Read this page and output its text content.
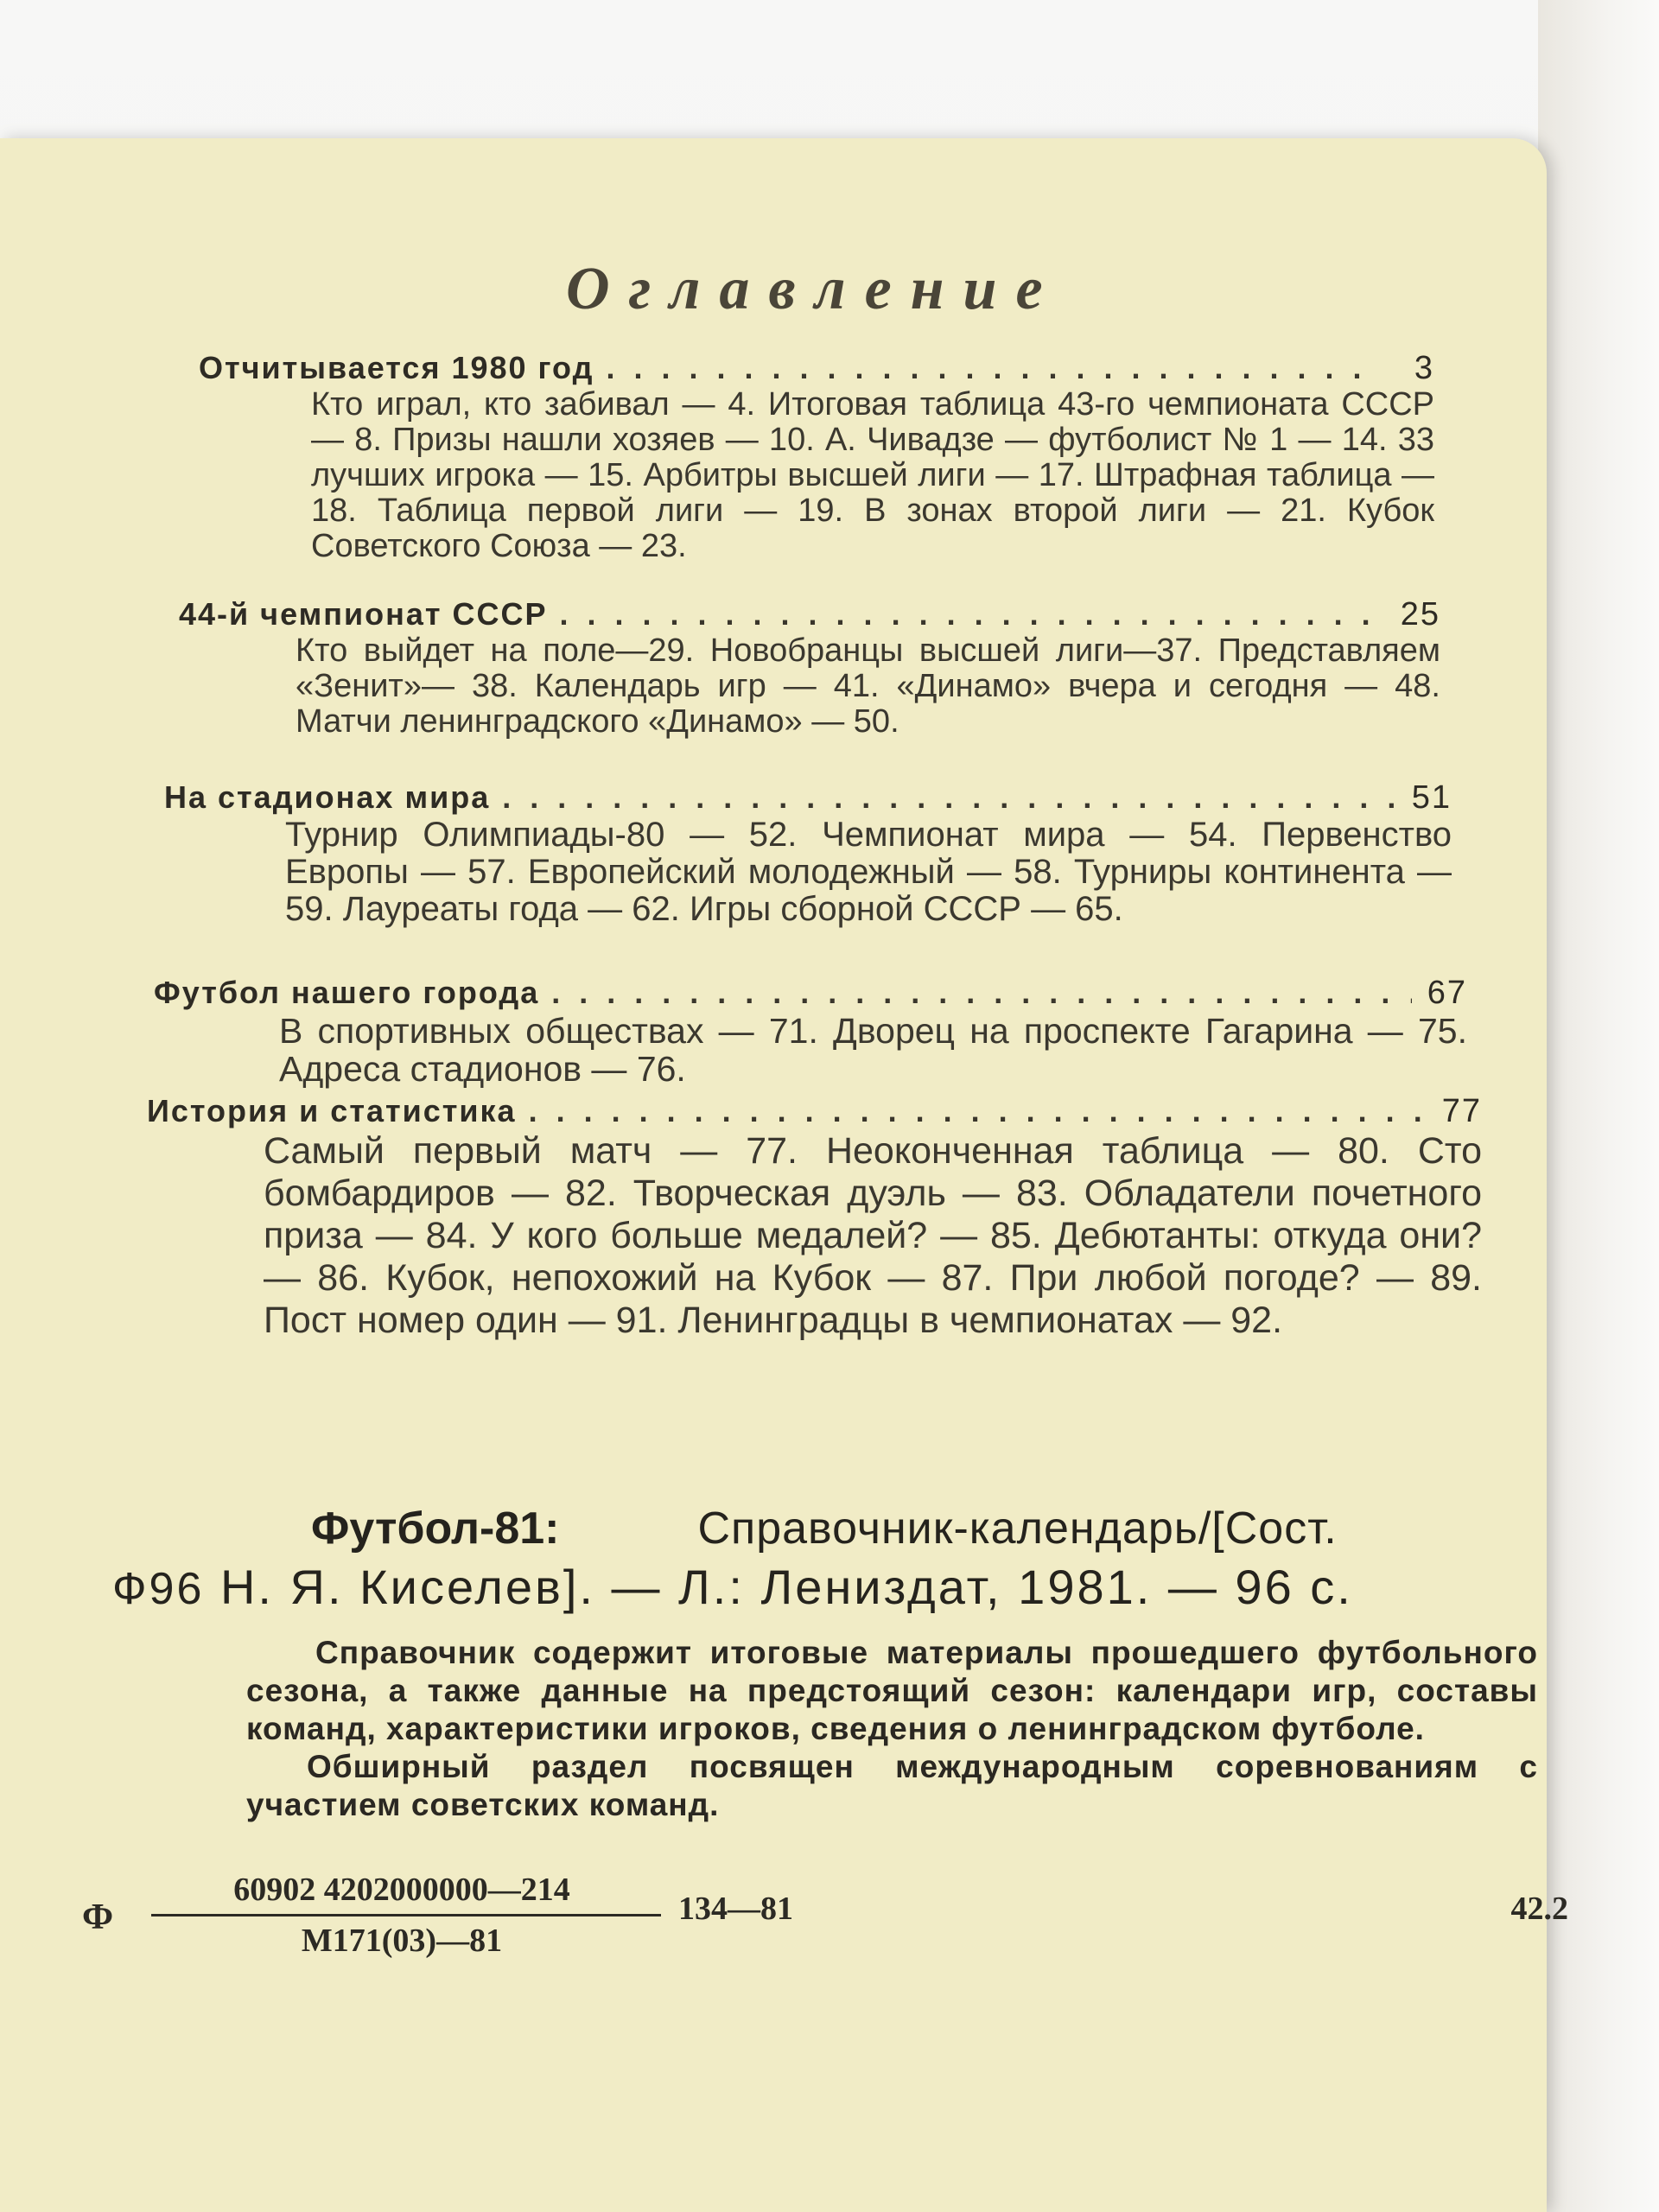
Оглавление
Отчитывается 1980 год . . .	3

Кто играл, кто забивал — 4. Итоговая таблица 43-го чемпионата СССР — 8. Призы нашли хозяев — 10. А. Чивадзе — футболист № 1 — 14. 33 лучших игрока — 15. Арбитры высшей лиги — 17. Штрафная таблица — 18. Таблица первой лиги — 19. В зонах второй лиги — 21. Кубок Советского Союза — 23.

44-й чемпионат СССР . . .	25

Кто выйдет на поле—29. Новобранцы высшей лиги—37. Представляем «Зенит»— 38. Календарь игр — 41. «Динамо» вчера и сегодня — 48. Матчи ленинградского «Динамо» — 50.

На стадионах мира . . .	51

Турнир Олимпиады-80 — 52. Чемпионат мира — 54. Первенство Европы — 57. Европейский молодежный — 58. Турниры континента — 59. Лауреаты года — 62. Игры сборной СССР — 65.

Футбол нашего города . . .	67

В спортивных обществах — 71. Дворец на проспекте Гагарина — 75. Адреса стадионов — 76.

История и статистика . . .	77

Самый первый матч — 77. Неоконченная таблица — 80. Сто бомбардиров — 82. Творческая дуэль — 83. Обладатели почетного приза — 84. У кого больше медалей? — 85. Дебютанты: откуда они? — 86. Кубок, непохожий на Кубок — 87. При любой погоде? — 89. Пост номер один — 91. Ленинградцы в чемпионатах — 92.

Футбол-81:	Справочник-календарь/[Сост.
Ф96 Н. Я. Киселев]. — Л.: Лениздат, 1981. — 96 с.

Справочник содержит итоговые материалы прошедшего футбольного сезона, а также данные на предстоящий сезон: календари игр, составы команд, характеристики игроков, сведения о ленинградском футболе.

Обширный раздел посвящен международным соревнованиям с участием советских команд.

Ф
60902 4202000000—214
М171(03)—81
134—81	42.2
